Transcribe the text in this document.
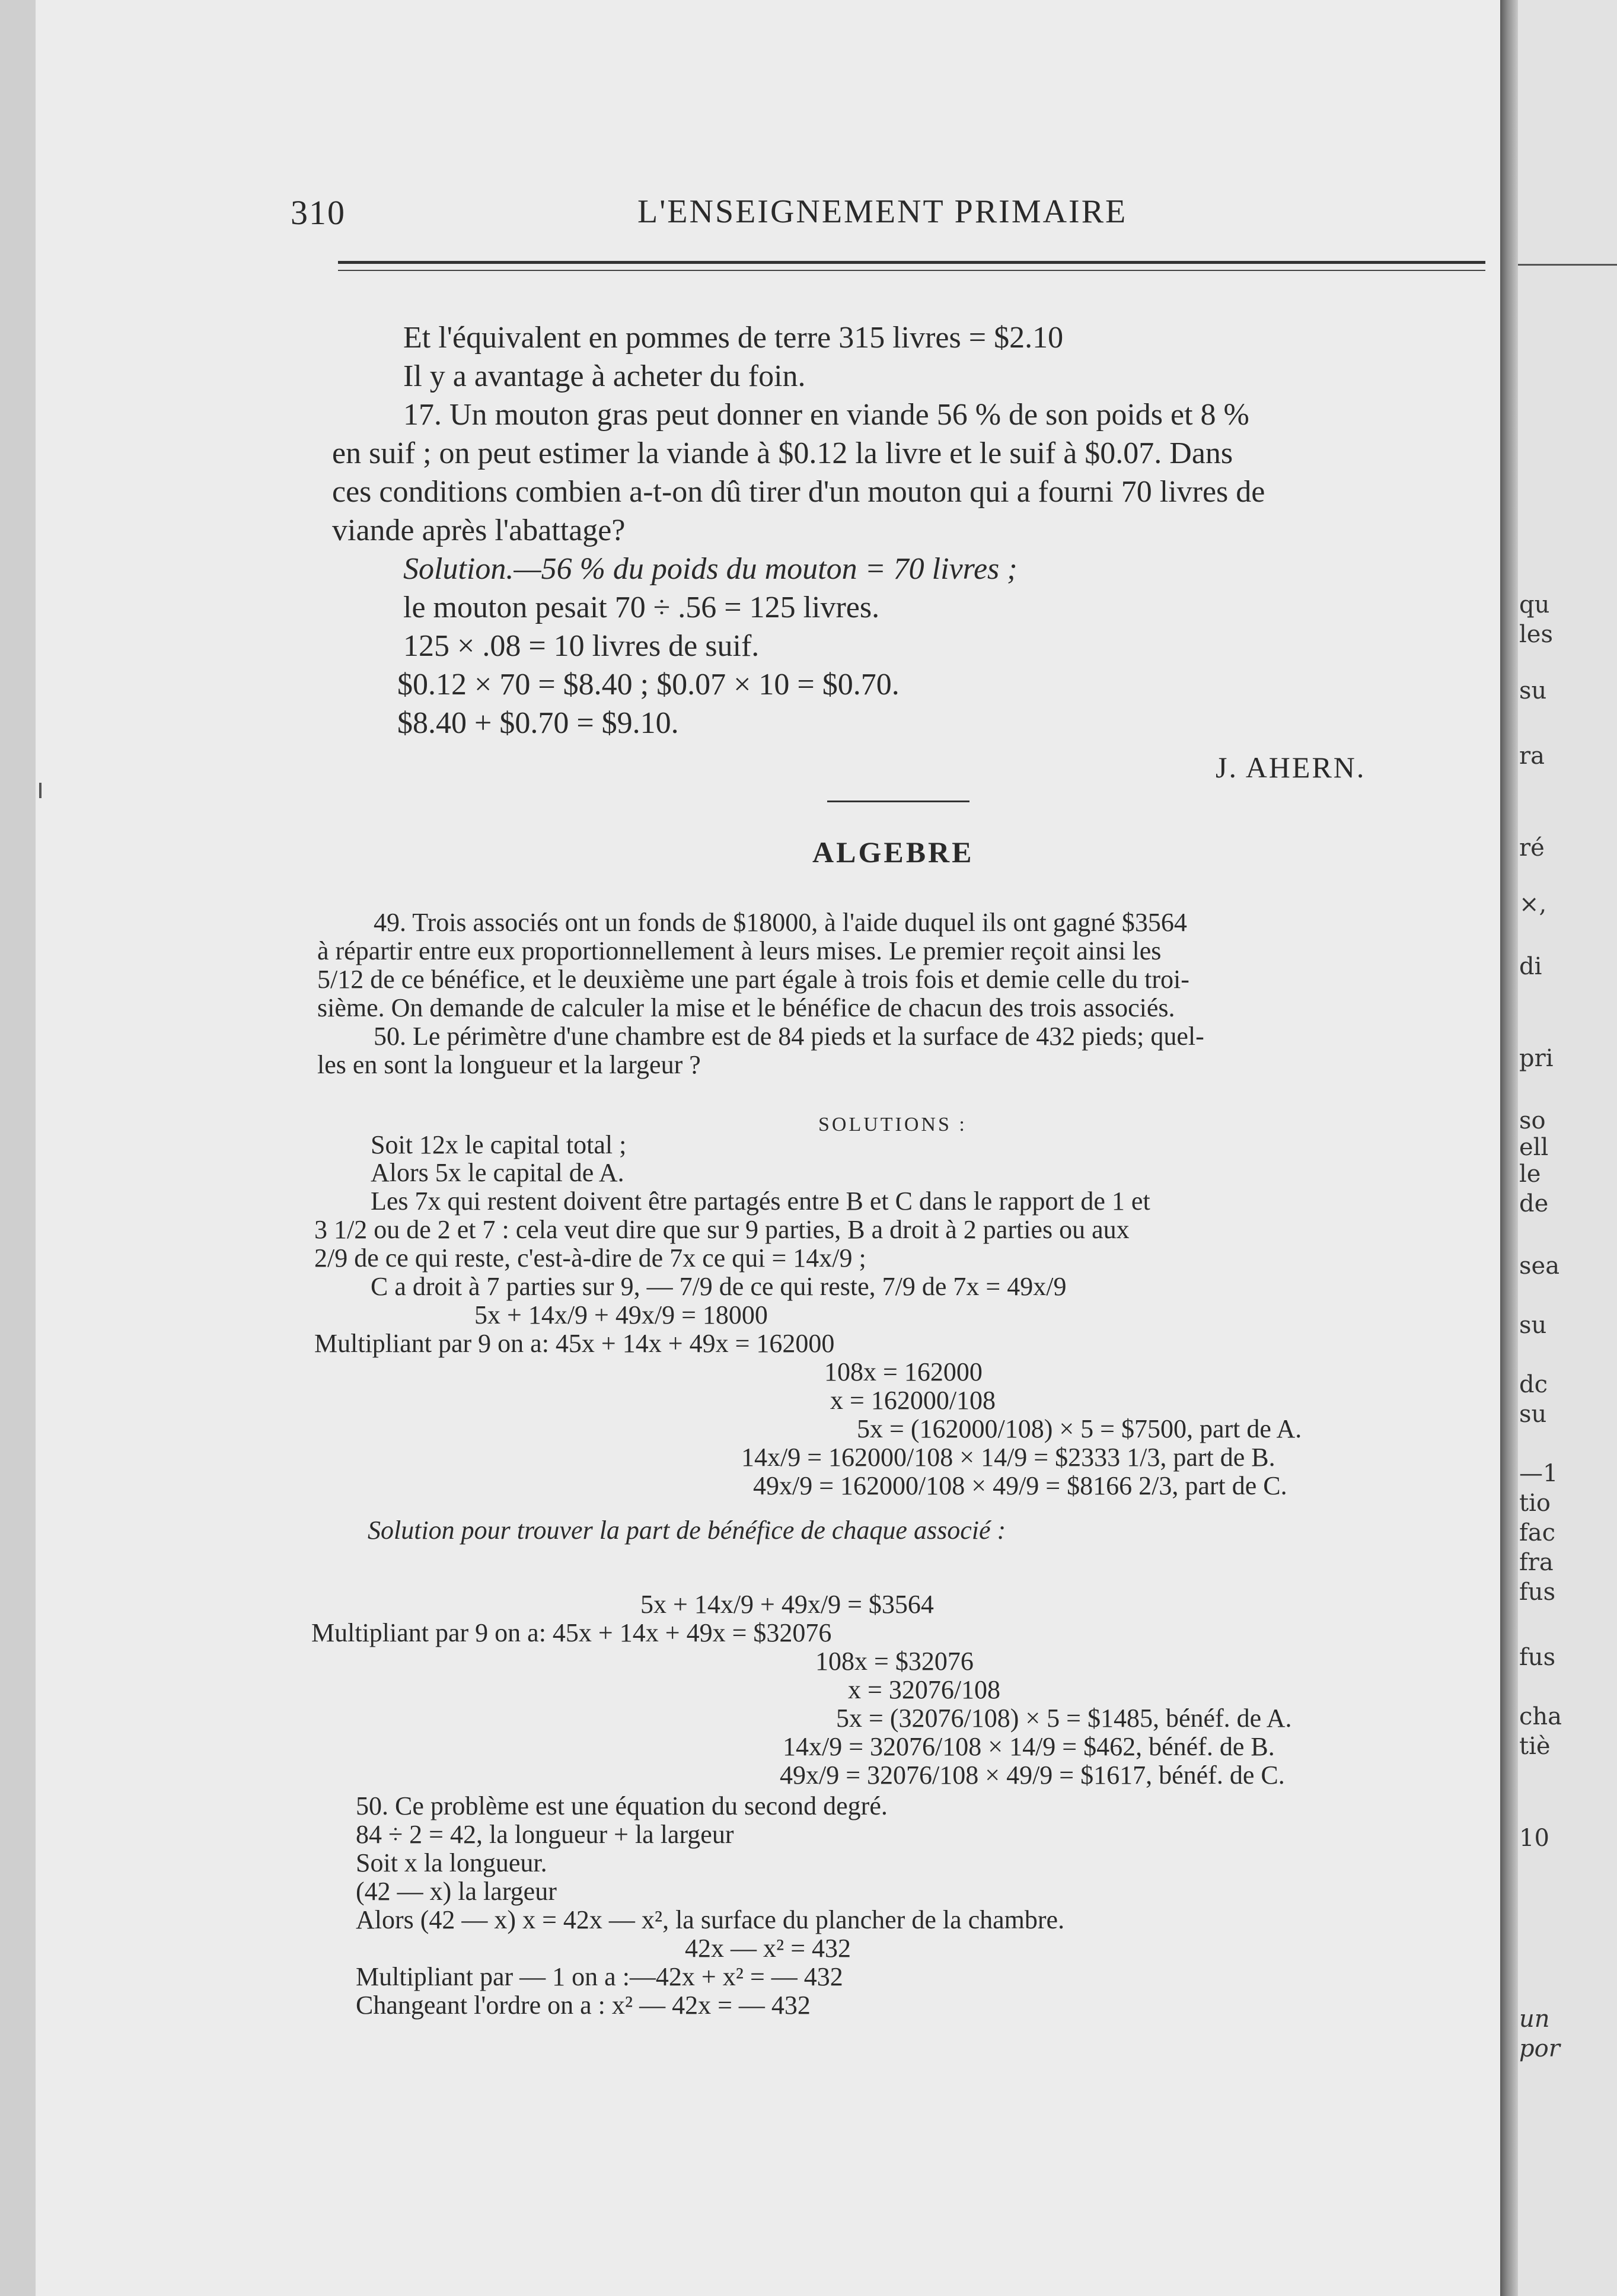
310	L'ENSEIGNEMENT PRIMAIRE
Et l'équivalent en pommes de terre 315 livres = $2.10
Il y a avantage à acheter du foin.
17. Un mouton gras peut donner en viande 56 % de son poids et 8 %
en suif ; on peut estimer la viande à $0.12 la livre et le suif à $0.07. Dans
ces conditions combien a-t-on dû tirer d'un mouton qui a fourni 70 livres de
viande après l'abattage?
Solution.—56 % du poids du mouton = 70 livres ;
le mouton pesait 70 ÷ .56 = 125 livres.
125 × .08 = 10 livres de suif.
$0.12 × 70 = $8.40 ; $0.07 × 10 = $0.70.
$8.40 + $0.70 = $9.10.
J. AHERN.
ALGEBRE
49. Trois associés ont un fonds de $18000, à l'aide duquel ils ont gagné $3564
à répartir entre eux proportionnellement à leurs mises. Le premier reçoit ainsi les
5/12 de ce bénéfice, et le deuxième une part égale à trois fois et demie celle du troi-
sième. On demande de calculer la mise et le bénéfice de chacun des trois associés.
50. Le périmètre d'une chambre est de 84 pieds et la surface de 432 pieds; quel-
les en sont la longueur et la largeur ?
SOLUTIONS :
Soit 12x le capital total ;
Alors 5x le capital de A.
Les 7x qui restent doivent être partagés entre B et C dans le rapport de 1 et
3 1/2 ou de 2 et 7 : cela veut dire que sur 9 parties, B a droit à 2 parties ou aux
2/9 de ce qui reste, c'est-à-dire de 7x ce qui = 14x/9 ;
C a droit à 7 parties sur 9, — 7/9 de ce qui reste, 7/9 de 7x = 49x/9
5x + 14x/9 + 49x/9 = 18000
Multipliant par 9 on a: 45x + 14x + 49x = 162000
108x = 162000
x = 162000/108
5x = (162000/108) × 5 = $7500, part de A.
14x/9 = 162000/108 × 14/9 = $2333 1/3, part de B.
49x/9 = 162000/108 × 49/9 = $8166 2/3, part de C.
Solution pour trouver la part de bénéfice de chaque associé :
5x + 14x/9 + 49x/9 = $3564
Multipliant par 9 on a: 45x + 14x + 49x = $32076
108x = $32076
x = 32076/108
5x = (32076/108) × 5 = $1485, bénéf. de A.
14x/9 = 32076/108 × 14/9 = $462, bénéf. de B.
49x/9 = 32076/108 × 49/9 = $1617, bénéf. de C.
50. Ce problème est une équation du second degré.
84 ÷ 2 = 42, la longueur + la largeur
Soit x la longueur.
(42 — x) la largeur
Alors (42 — x) x = 42x — x², la surface du plancher de la chambre.
42x — x² = 432
Multipliant par — 1 on a :—42x + x² = — 432
Changeant l'ordre on a : x² — 42x = — 432
qu
les
su
ra
ré
×,
di
pri
so
ell
le
de
sea
su
dc
su
—1
tio
fac
fra
fus
fus
cha
tiè
10
un
por
